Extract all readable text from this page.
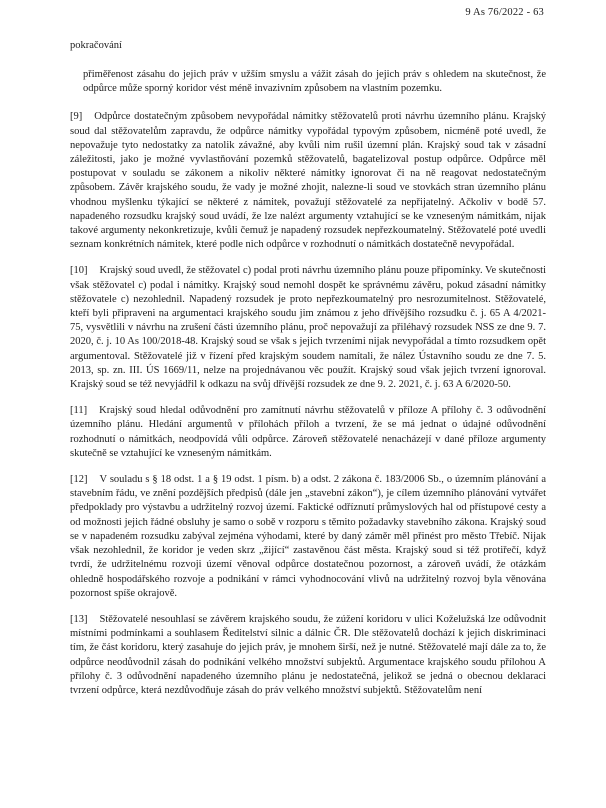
9 As 76/2022 - 63
pokračování

přiměřenost zásahu do jejich práv v užším smyslu a vážit zásah do jejich práv s ohledem na skutečnost, že odpůrce může sporný koridor vést méně invazivním způsobem na vlastním pozemku.

[9] Odpůrce dostatečným způsobem nevypořádal námitky stěžovatelů proti návrhu územního plánu. Krajský soud dal stěžovatelům zapravdu, že odpůrce námitky vypořádal typovým způsobem, nicméně poté uvedl, že nepovažuje tyto nedostatky za natolik závažné, aby kvůli nim rušil územní plán. Krajský soud tak v zásadní záležitosti, jako je možné vyvlastňování pozemků stěžovatelů, bagatelizoval postup odpůrce. Odpůrce měl postupovat v souladu se zákonem a nikoliv některé námitky ignorovat či na ně reagovat nedostatečným způsobem. Závěr krajského soudu, že vady je možné zhojit, nalezne-li soud ve stovkách stran územního plánu vhodnou myšlenku týkající se některé z námitek, považují stěžovatelé za nepřijatelný. Ačkoliv v bodě 57. napadeného rozsudku krajský soud uvádí, že lze nalézt argumenty vztahující se ke vzneseným námitkám, nijak takové argumenty nekonkretizuje, kvůli čemuž je napadený rozsudek nepřezkoumatelný. Stěžovatelé poté uvedli seznam konkrétních námitek, které podle nich odpůrce v rozhodnutí o námitkách dostatečně nevypořádal.

[10] Krajský soud uvedl, že stěžovatel c) podal proti návrhu územního plánu pouze připomínky. Ve skutečnosti však stěžovatel c) podal i námitky. Krajský soud nemohl dospět ke správnému závěru, pokud zásadní námitky stěžovatele c) nezohlednil. Napadený rozsudek je proto nepřezkoumatelný pro nesrozumitelnost. Stěžovatelé, kteří byli připraveni na argumentaci krajského soudu jim známou z jeho dřívějšího rozsudku č. j. 65 A 4/2021-75, vysvětlili v návrhu na zrušení části územního plánu, proč nepovažují za přiléhavý rozsudek NSS ze dne 9. 7. 2020, č. j. 10 As 100/2018-48. Krajský soud se však s jejich tvrzeními nijak nevypořádal a tímto rozsudkem opět argumentoval. Stěžovatelé již v řízení před krajským soudem namítali, že nález Ústavního soudu ze dne 7. 5. 2013, sp. zn. III. ÚS 1669/11, nelze na projednávanou věc použít. Krajský soud však jejich tvrzení ignoroval. Krajský soud se též nevyjádřil k odkazu na svůj dřívější rozsudek ze dne 9. 2. 2021, č. j. 63 A 6/2020-50.

[11] Krajský soud hledal odůvodnění pro zamítnutí návrhu stěžovatelů v příloze A přílohy č. 3 odůvodnění územního plánu. Hledání argumentů v přílohách příloh a tvrzení, že se má jednat o údajné odůvodnění rozhodnutí o námitkách, neodpovídá vůli odpůrce. Zároveň stěžovatelé nenacházejí v dané příloze argumenty skutečně se vztahující ke vzneseným námitkám.

[12] V souladu s § 18 odst. 1 a § 19 odst. 1 písm. b) a odst. 2 zákona č. 183/2006 Sb., o územním plánování a stavebním řádu, ve znění pozdějších předpisů (dále jen „stavební zákon“), je cílem územního plánování vytvářet předpoklady pro výstavbu a udržitelný rozvoj území. Faktické odříznutí průmyslových hal od přístupové cesty a od možnosti jejich řádné obsluhy je samo o sobě v rozporu s těmito požadavky stavebního zákona. Krajský soud se v napadeném rozsudku zabýval zejména výhodami, které by daný záměr měl přinést pro město Třebíč. Nijak však nezohlednil, že koridor je veden skrz „žijící“ zastavěnou část města. Krajský soud si též protiřečí, když tvrdí, že udržitelnému rozvoji území věnoval odpůrce dostatečnou pozornost, a zároveň uvádí, že otázkám ohledně hospodářského rozvoje a podnikání v rámci vyhodnocování vlivů na udržitelný rozvoj byla věnována pozornost spíše okrajově.

[13] Stěžovatelé nesouhlasí se závěrem krajského soudu, že zúžení koridoru v ulici Koželužská lze odůvodnit místními podmínkami a souhlasem Ředitelství silnic a dálnic ČR. Dle stěžovatelů dochází k jejich diskriminaci tím, že část koridoru, který zasahuje do jejich práv, je mnohem širší, než je nutné. Stěžovatelé mají dále za to, že odpůrce neodůvodnil zásah do podnikání velkého množství subjektů. Argumentace krajského soudu přílohou A přílohy č. 3 odůvodnění napadeného územního plánu je nedostatečná, jelikož se jedná o obecnou deklaraci tvrzení odpůrce, která nezdůvodňuje zásah do práv velkého množství subjektů. Stěžovatelům není
